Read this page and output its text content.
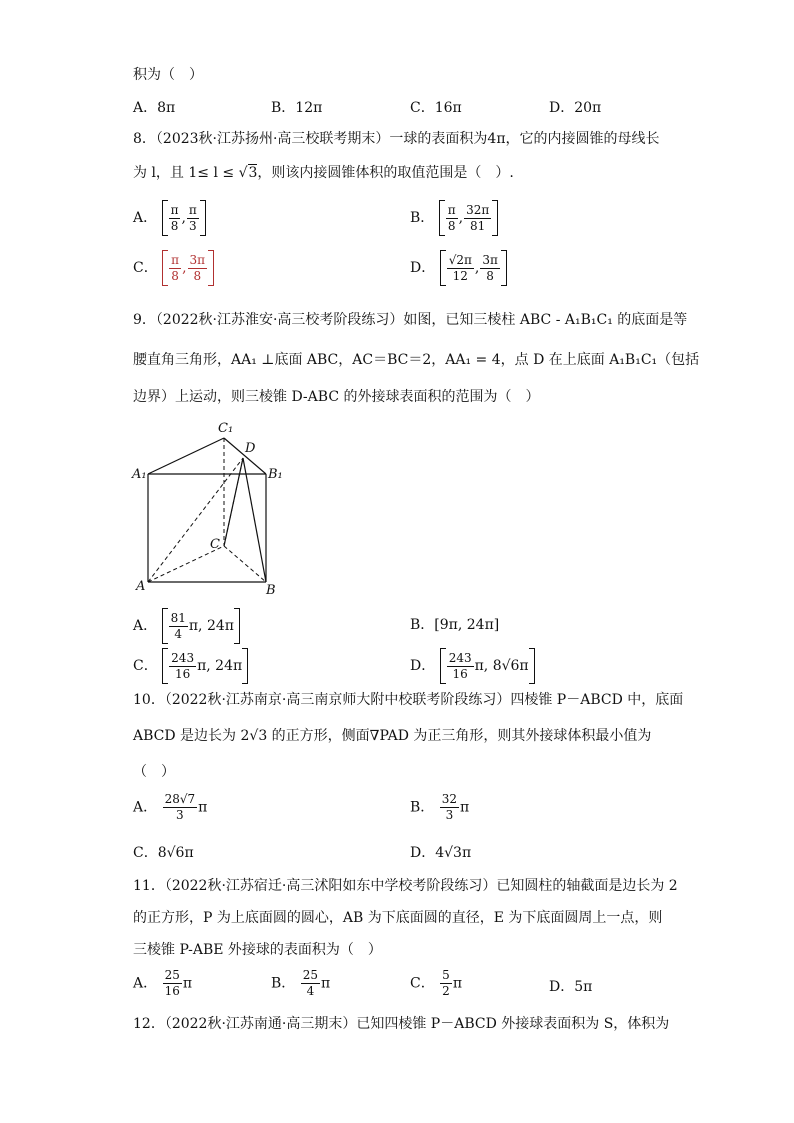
积为（　）
A．8π	B．12π	C．16π	D．20π
8．（2023秋·江苏扬州·高三校联考期末）一球的表面积为4π，它的内接圆锥的母线长
为 l，且 1≤ l ≤ √3，则该内接圆锥体积的取值范围是（　）.
A． $\frac{\pi}{8}$ , $\frac{\pi}{3}$	B． $\frac{\pi}{8}$ , $\frac{32\pi}{81}$
C． $\frac{\pi}{8}$ , $\frac{3\pi}{8}$	D． $\frac{√2\pi}{12}$ , $\frac{3\pi}{8}$
9．（2022秋·江苏淮安·高三校考阶段练习）如图，已知三棱柱 ABC - A₁B₁C₁ 的底面是等
腰直角三角形，AA₁ ⊥底面 ABC，AC＝BC＝2，AA₁ = 4，点 D 在上底面 A₁B₁C₁（包括
边界）上运动，则三棱锥 D-ABC 的外接球表面积的范围为（　）
C₁
D
A₁	B₁
C
A	B
A． $\frac{81}{4} \pi$, 24π	B．[9π, 24π]
C． $\frac{243}{16} \pi$, 24π	D． $\frac{243}{16} \pi$, 8√6π
10．（2022秋·江苏南京·高三南京师大附中校联考阶段练习）四棱锥 P－ABCD 中，底面
ABCD 是边长为 2√3 的正方形，侧面∇PAD 为正三角形，则其外接球体积最小值为
（　）
A． $\frac{28√7}{3}$ π	B． $\frac{32}{3}$ π
C．8√6π	D．4√3π
11．（2022秋·江苏宿迁·高三沭阳如东中学校考阶段练习）已知圆柱的轴截面是边长为 2
的正方形，P 为上底面圆的圆心，AB 为下底面圆的直径，E 为下底面圆周上一点，则
三棱锥 P-ABE 外接球的表面积为（　）
A． $\frac{25}{16}$ π	B． $\frac{25}{4}$ π	C． $\frac{5}{2}$ π	D．5π
12．（2022秋·江苏南通·高三期末）已知四棱锥 P－ABCD 外接球表面积为 S，体积为
